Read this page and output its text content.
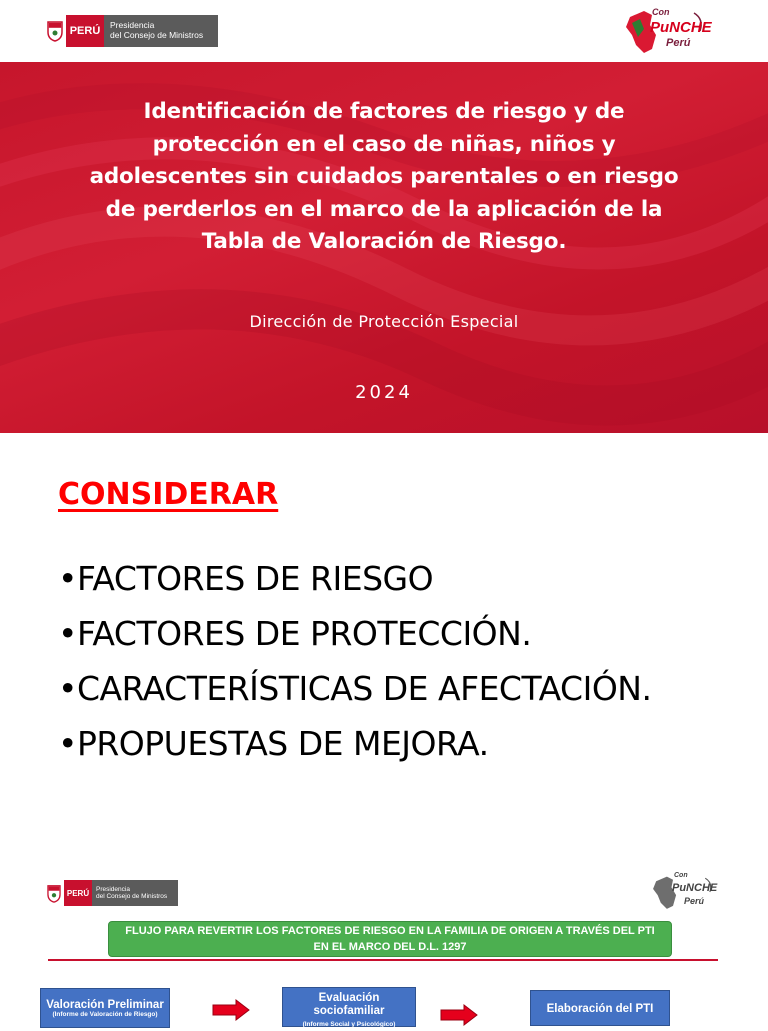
PERÚ	Presidencia
del Consejo de Ministros
Con
PuNCHE
Perú
Identificación de factores de riesgo y de protección en el caso de niñas, niños y adolescentes sin cuidados parentales o en riesgo de perderlos en el marco de la aplicación de la Tabla de Valoración de Riesgo.
Dirección de Protección Especial
2024
CONSIDERAR
•FACTORES DE RIESGO
•FACTORES DE PROTECCIÓN.
•CARACTERÍSTICAS DE AFECTACIÓN.
•PROPUESTAS DE MEJORA.
PERÚ	Presidencia
del Consejo de Ministros
Con
PuNCHE
Perú
FLUJO PARA REVERTIR LOS FACTORES DE RIESGO EN LA FAMILIA DE ORIGEN A TRAVÉS DEL PTI EN EL MARCO DEL D.L. 1297
Valoración Preliminar
(Informe de Valoración de Riesgo)
Evaluación sociofamiliar
(Informe Social y Psicológico)
Elaboración del PTI
